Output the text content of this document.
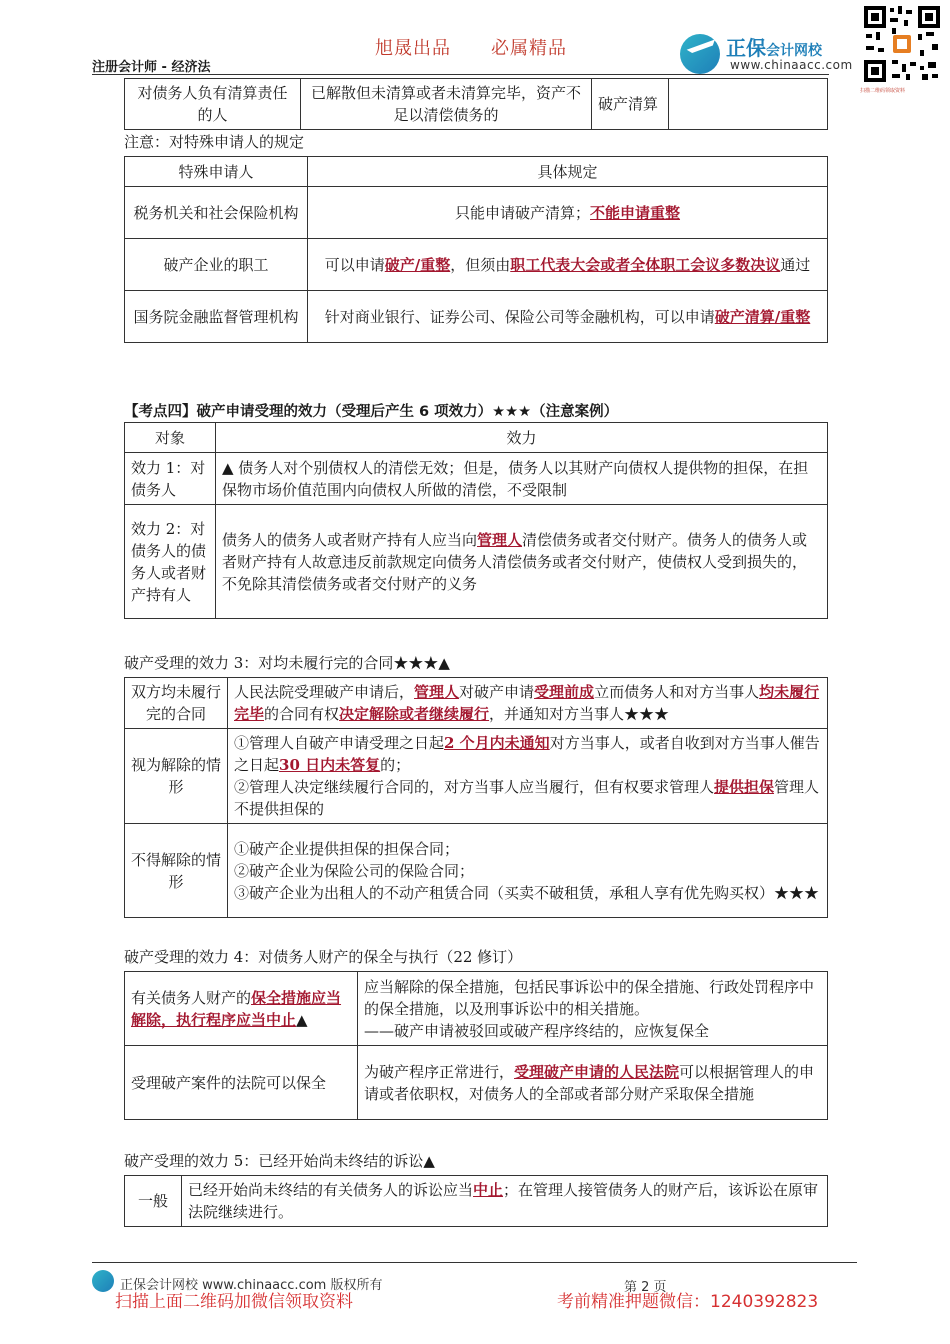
旭晟出品 必属精品
注册会计师 - 经济法
正保会计网校
www.chinaacc.com
扫描二维码领取资料
对债务人负有清算责任的人	已解散但未清算或者未清算完毕，资产不足以清偿债务的	破产清算	
注意：对特殊申请人的规定
特殊申请人	具体规定
税务机关和社会保险机构	只能申请破产清算；不能申请重整
破产企业的职工	可以申请破产/重整，但须由职工代表大会或者全体职工会议多数决议通过
国务院金融监督管理机构	针对商业银行、证券公司、保险公司等金融机构，可以申请破产清算/重整
【考点四】破产申请受理的效力（受理后产生 6 项效力）★★★（注意案例）
对象	效力
效力 1：对债务人	▲ 债务人对个别债权人的清偿无效；但是，债务人以其财产向债权人提供物的担保，在担保物市场价值范围内向债权人所做的清偿，不受限制
效力 2：对债务人的债务人或者财产持有人	债务人的债务人或者财产持有人应当向管理人清偿债务或者交付财产。债务人的债务人或者财产持有人故意违反前款规定向债务人清偿债务或者交付财产，使债权人受到损失的，不免除其清偿债务或者交付财产的义务
破产受理的效力 3：对均未履行完的合同★★★▲
双方均未履行完的合同	人民法院受理破产申请后，管理人对破产申请受理前成立而债务人和对方当事人均未履行完毕的合同有权决定解除或者继续履行，并通知对方当事人★★★
视为解除的情形	①管理人自破产申请受理之日起2 个月内未通知对方当事人，或者自收到对方当事人催告之日起30 日内未答复的；
②管理人决定继续履行合同的，对方当事人应当履行，但有权要求管理人提供担保管理人不提供担保的
不得解除的情形	①破产企业提供担保的担保合同；
②破产企业为保险公司的保险合同；
③破产企业为出租人的不动产租赁合同（买卖不破租赁，承租人享有优先购买权）★★★
破产受理的效力 4：对债务人财产的保全与执行（22 修订）
有关债务人财产的保全措施应当解除，执行程序应当中止▲	应当解除的保全措施，包括民事诉讼中的保全措施、行政处罚程序中的保全措施，以及刑事诉讼中的相关措施。
——破产申请被驳回或破产程序终结的，应恢复保全
受理破产案件的法院可以保全	为破产程序正常进行，受理破产申请的人民法院可以根据管理人的申请或者依职权，对债务人的全部或者部分财产采取保全措施
破产受理的效力 5：已经开始尚未终结的诉讼▲
一般	已经开始尚未终结的有关债务人的诉讼应当中止；在管理人接管债务人的财产后，该诉讼在原审法院继续进行。
正保会计网校 www.chinaacc.com 版权所有	第 2 页
扫描上面二维码加微信领取资料	考前精准押题微信：1240392823
